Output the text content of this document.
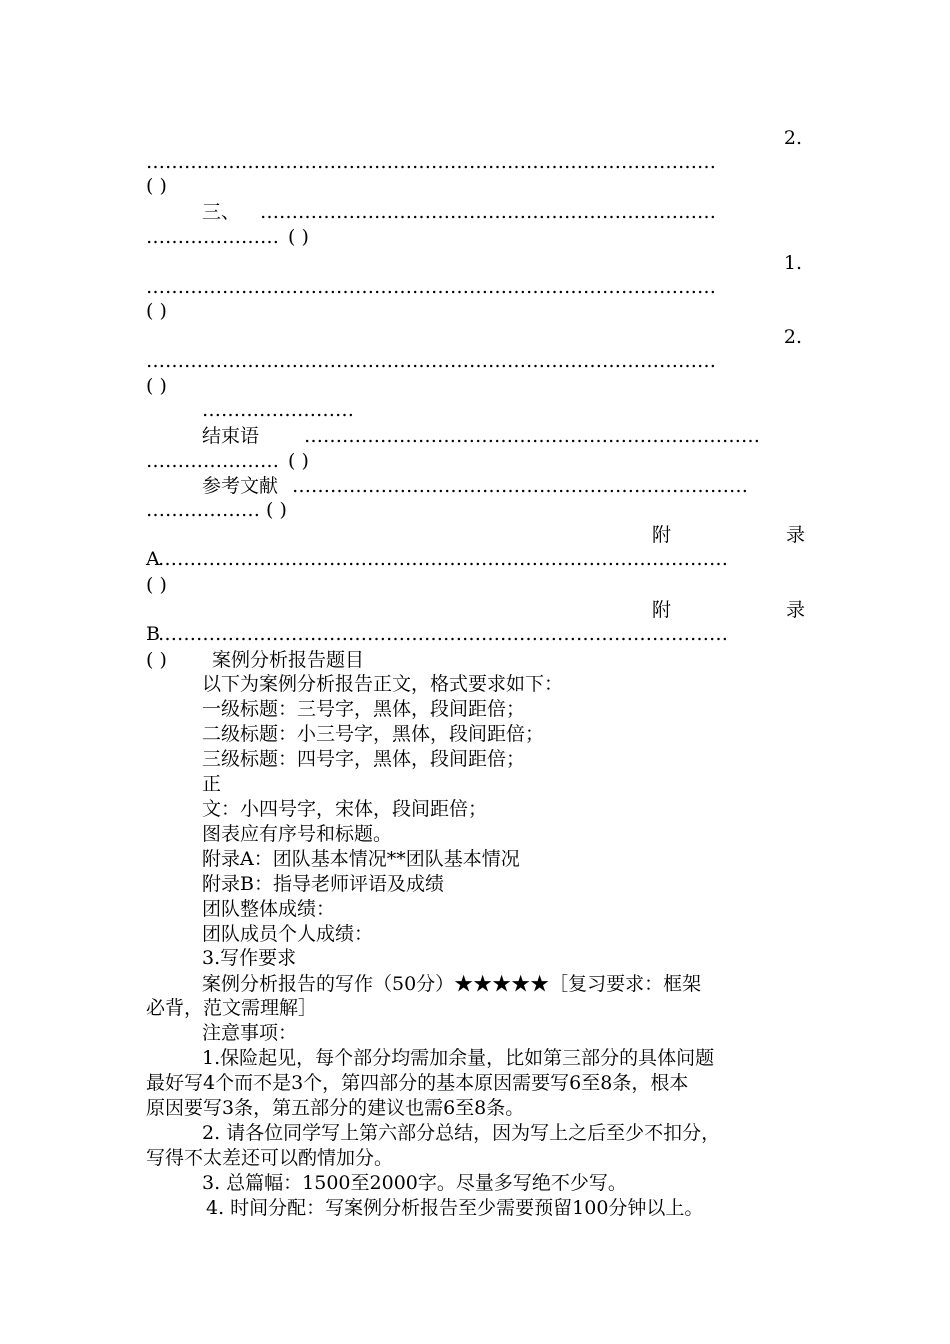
2.
………………………………………………………………………………
( )
三、 ………………………………………………………………
………………… ( )
1.
………………………………………………………………………………
( )
2.
………………………………………………………………………………
( )
……………………
结束语 ………………………………………………………………
………………… ( )
参考文献 ………………………………………………………………
……………… ( )
附	录
A
………………………………………………………………………………
( )
附	录
B
………………………………………………………………………………
( ) 案例分析报告题目
以下为案例分析报告正文，格式要求如下：
一级标题：三号字，黑体，段间距倍；
二级标题：小三号字，黑体，段间距倍；
三级标题：四号字，黑体，段间距倍；
正
文：小四号字，宋体，段间距倍；
图表应有序号和标题。
附录A：团队基本情况**团队基本情况
附录B：指导老师评语及成绩
团队整体成绩：
团队成员个人成绩：
3.写作要求
案例分析报告的写作（50分）★★★★★［复习要求：框架
必背，范文需理解］
注意事项：
1.保险起见，每个部分均需加余量，比如第三部分的具体问题
最好写4个而不是3个，第四部分的基本原因需要写6至8条，根本
原因要写3条，第五部分的建议也需6至8条。
2. 请各位同学写上第六部分总结，因为写上之后至少不扣分，
写得不太差还可以酌情加分。
3. 总篇幅：1500至2000字。尽量多写绝不少写。
4. 时间分配：写案例分析报告至少需要预留100分钟以上。
